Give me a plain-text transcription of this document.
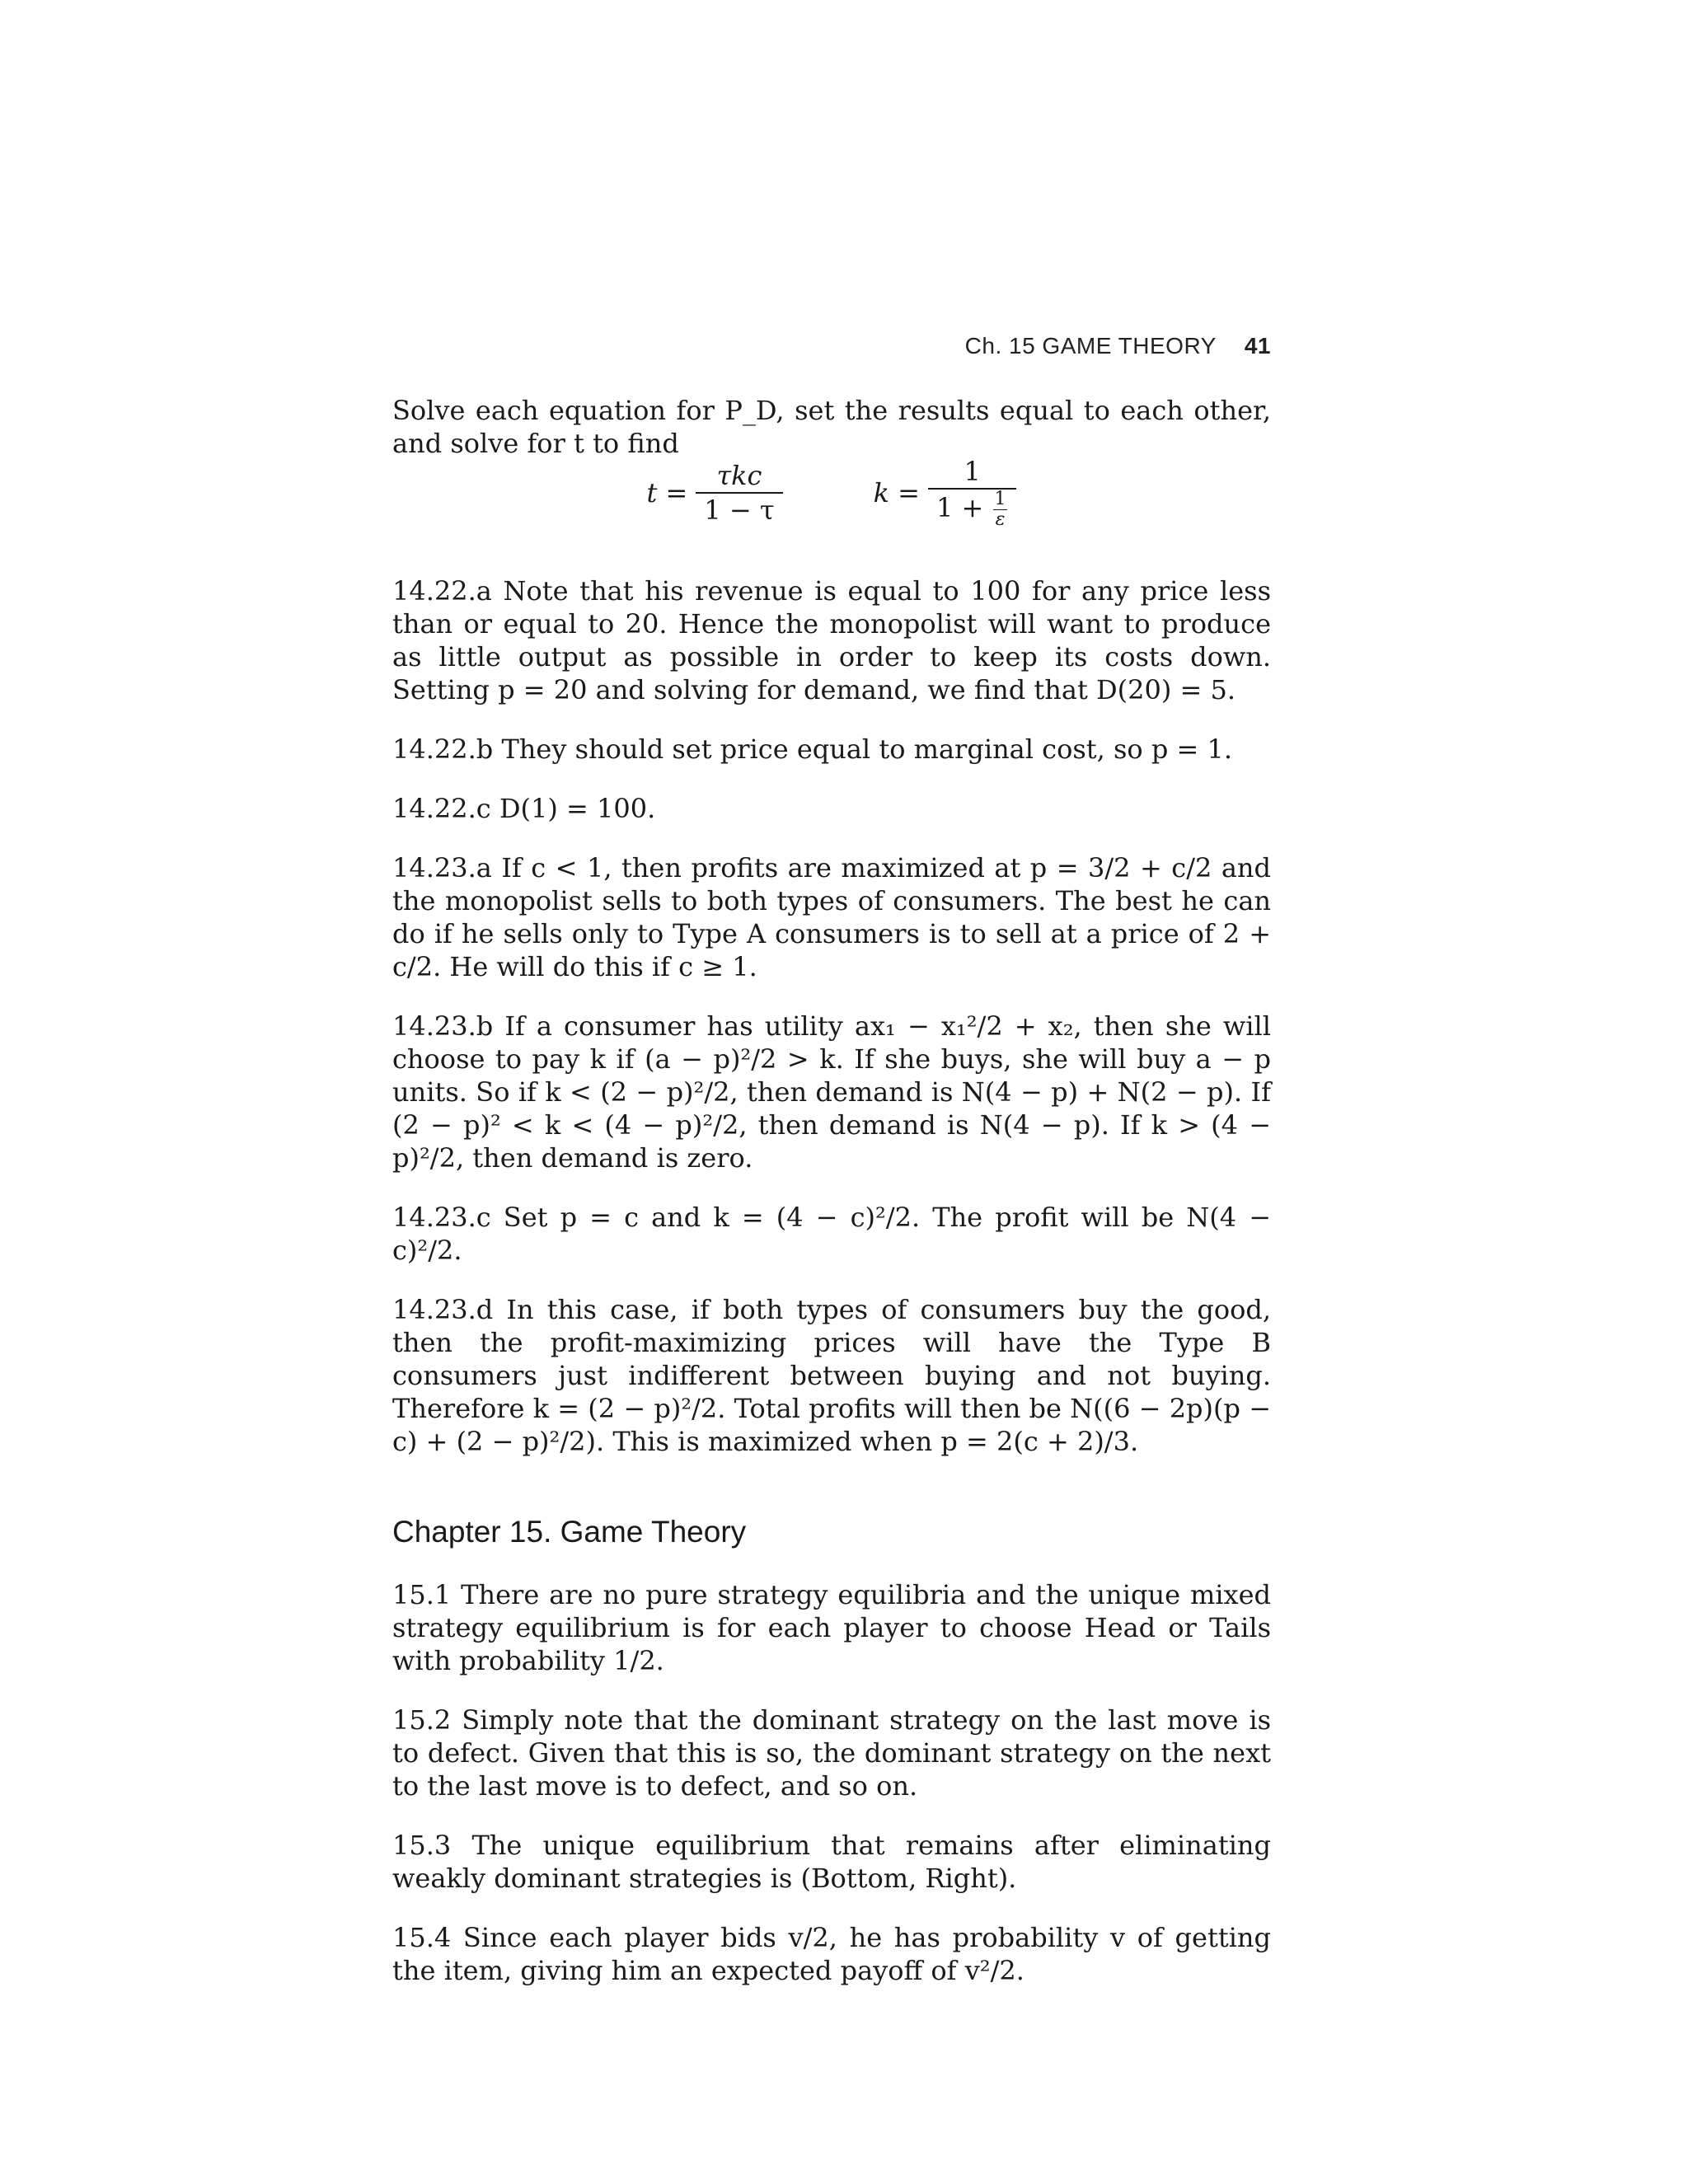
Ch. 15 GAME THEORY 41

Solve each equation for P_D, set the results equal to each other, and solve for t to find

$t = \frac{\text{τkc}}{1 - \tau}$	$k = \frac{1}{1 + \frac{1}{\varepsilon}}$

14.22.a Note that his revenue is equal to 100 for any price less than or equal to 20. Hence the monopolist will want to produce as little output as possible in order to keep its costs down. Setting p = 20 and solving for demand, we find that D(20) = 5.

14.22.b They should set price equal to marginal cost, so p = 1.

14.22.c D(1) = 100.

14.23.a If c < 1, then profits are maximized at p = 3/2 + c/2 and the monopolist sells to both types of consumers. The best he can do if he sells only to Type A consumers is to sell at a price of 2 + c/2. He will do this if c ≥ 1.

14.23.b If a consumer has utility ax₁ − x₁²/2 + x₂, then she will choose to pay k if (a − p)²/2 > k. If she buys, she will buy a − p units. So if k < (2 − p)²/2, then demand is N(4 − p) + N(2 − p). If (2 − p)² < k < (4 − p)²/2, then demand is N(4 − p). If k > (4 − p)²/2, then demand is zero.

14.23.c Set p = c and k = (4 − c)²/2. The profit will be N(4 − c)²/2.

14.23.d In this case, if both types of consumers buy the good, then the profit-maximizing prices will have the Type B consumers just indifferent between buying and not buying. Therefore k = (2 − p)²/2. Total profits will then be N((6 − 2p)(p − c) + (2 − p)²/2). This is maximized when p = 2(c + 2)/3.

Chapter 15. Game Theory

15.1 There are no pure strategy equilibria and the unique mixed strategy equilibrium is for each player to choose Head or Tails with probability 1/2.

15.2 Simply note that the dominant strategy on the last move is to defect. Given that this is so, the dominant strategy on the next to the last move is to defect, and so on.

15.3 The unique equilibrium that remains after eliminating weakly dominant strategies is (Bottom, Right).

15.4 Since each player bids v/2, he has probability v of getting the item, giving him an expected payoff of v²/2.
